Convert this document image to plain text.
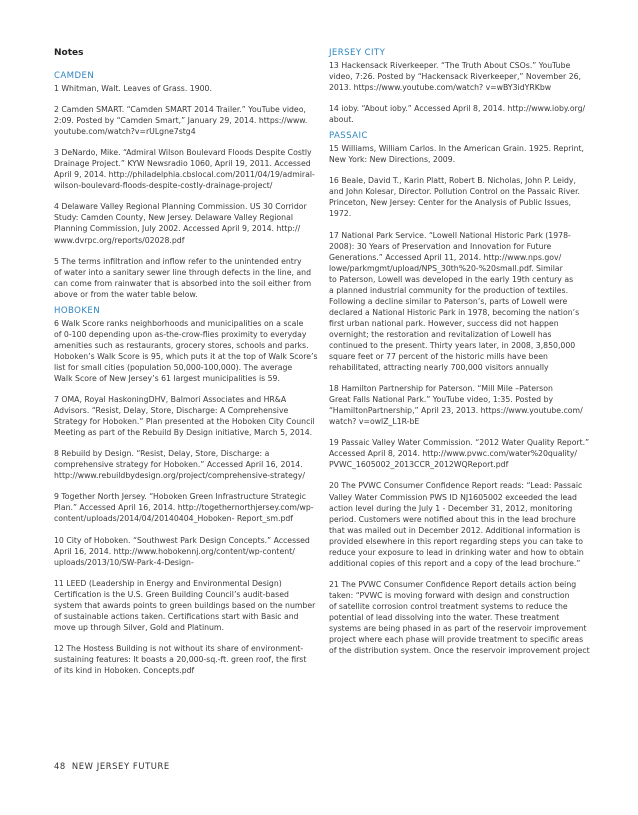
Notes
CAMDEN
1 Whitman, Walt. Leaves of Grass. 1900.
2 Camden SMART. “Camden SMART 2014 Trailer.” YouTube video,
2:09. Posted by “Camden Smart,” January 29, 2014. https://www.
youtube.com/watch?v=rULgne7stg4
3 DeNardo, Mike. “Admiral Wilson Boulevard Floods Despite Costly
Drainage Project.” KYW Newsradio 1060, April 19, 2011. Accessed
April 9, 2014. http://philadelphia.cbslocal.com/2011/04/19/admiral-
wilson-boulevard-floods-despite-costly-drainage-project/
4 Delaware Valley Regional Planning Commission. US 30 Corridor
Study: Camden County, New Jersey. Delaware Valley Regional
Planning Commission, July 2002. Accessed April 9, 2014. http://
www.dvrpc.org/reports/02028.pdf
5 The terms infiltration and inflow refer to the unintended entry
of water into a sanitary sewer line through defects in the line, and
can come from rainwater that is absorbed into the soil either from
above or from the water table below.
HOBOKEN
6 Walk Score ranks neighborhoods and municipalities on a scale
of 0-100 depending upon as-the-crow-flies proximity to everyday
amenities such as restaurants, grocery stores, schools and parks.
Hoboken’s Walk Score is 95, which puts it at the top of Walk Score’s
list for small cities (population 50,000-100,000). The average
Walk Score of New Jersey’s 61 largest municipalities is 59.
7 OMA, Royal HaskoningDHV, Balmori Associates and HR&A
Advisors. “Resist, Delay, Store, Discharge: A Comprehensive
Strategy for Hoboken.” Plan presented at the Hoboken City Council
Meeting as part of the Rebuild By Design initiative, March 5, 2014.
8 Rebuild by Design. “Resist, Delay, Store, Discharge: a
comprehensive strategy for Hoboken.” Accessed April 16, 2014.
http://www.rebuildbydesign.org/project/comprehensive-strategy/
9 Together North Jersey. “Hoboken Green Infrastructure Strategic
Plan.” Accessed April 16, 2014. http://togethernorthjersey.com/wp-
content/uploads/2014/04/20140404_Hoboken- Report_sm.pdf
10 City of Hoboken. “Southwest Park Design Concepts.” Accessed
April 16, 2014. http://www.hobokennj.org/content/wp-content/
uploads/2013/10/SW-Park-4-Design-
11 LEED (Leadership in Energy and Environmental Design)
Certification is the U.S. Green Building Council’s audit-based
system that awards points to green buildings based on the number
of sustainable actions taken. Certifications start with Basic and
move up through Silver, Gold and Platinum.
12 The Hostess Building is not without its share of environment-
sustaining features: It boasts a 20,000-sq.-ft. green roof, the first
of its kind in Hoboken. Concepts.pdf
JERSEY CITY
13 Hackensack Riverkeeper. “The Truth About CSOs.” YouTube
video, 7:26. Posted by “Hackensack Riverkeeper,” November 26,
2013. https://www.youtube.com/watch? v=wBY3idYRKbw
14 ioby. “About ioby.” Accessed April 8, 2014. http://www.ioby.org/
about.
PASSAIC
15 Williams, William Carlos. In the American Grain. 1925. Reprint,
New York: New Directions, 2009.
16 Beale, David T., Karin Platt, Robert B. Nicholas, John P. Leidy,
and John Kolesar, Director. Pollution Control on the Passaic River.
Princeton, New Jersey: Center for the Analysis of Public Issues,
1972.
17 National Park Service. “Lowell National Historic Park (1978-
2008): 30 Years of Preservation and Innovation for Future
Generations.” Accessed April 11, 2014. http://www.nps.gov/
lowe/parkmgmt/upload/NPS_30th%20-%20small.pdf. Similar
to Paterson, Lowell was developed in the early 19th century as
a planned industrial community for the production of textiles.
Following a decline similar to Paterson’s, parts of Lowell were
declared a National Historic Park in 1978, becoming the nation’s
first urban national park. However, success did not happen
overnight; the restoration and revitalization of Lowell has
continued to the present. Thirty years later, in 2008, 3,850,000
square feet or 77 percent of the historic mills have been
rehabilitated, attracting nearly 700,000 visitors annually
18 Hamilton Partnership for Paterson. “Mill Mile –Paterson
Great Falls National Park.” YouTube video, 1:35. Posted by
“HamiltonPartnership,” April 23, 2013. https://www.youtube.com/
watch? v=owlZ_L1R-bE
19 Passaic Valley Water Commission. “2012 Water Quality Report.”
Accessed April 8, 2014. http://www.pvwc.com/water%20quality/
PVWC_1605002_2013CCR_2012WQReport.pdf
20 The PVWC Consumer Confidence Report reads: “Lead: Passaic
Valley Water Commission PWS ID NJ1605002 exceeded the lead
action level during the July 1 - December 31, 2012, monitoring
period. Customers were notified about this in the lead brochure
that was mailed out in December 2012. Additional information is
provided elsewhere in this report regarding steps you can take to
reduce your exposure to lead in drinking water and how to obtain
additional copies of this report and a copy of the lead brochure.”
21 The PVWC Consumer Confidence Report details action being
taken: “PVWC is moving forward with design and construction
of satellite corrosion control treatment systems to reduce the
potential of lead dissolving into the water. These treatment
systems are being phased in as part of the reservoir improvement
project where each phase will provide treatment to specific areas
of the distribution system. Once the reservoir improvement project
48 NEW JERSEY FUTURE
